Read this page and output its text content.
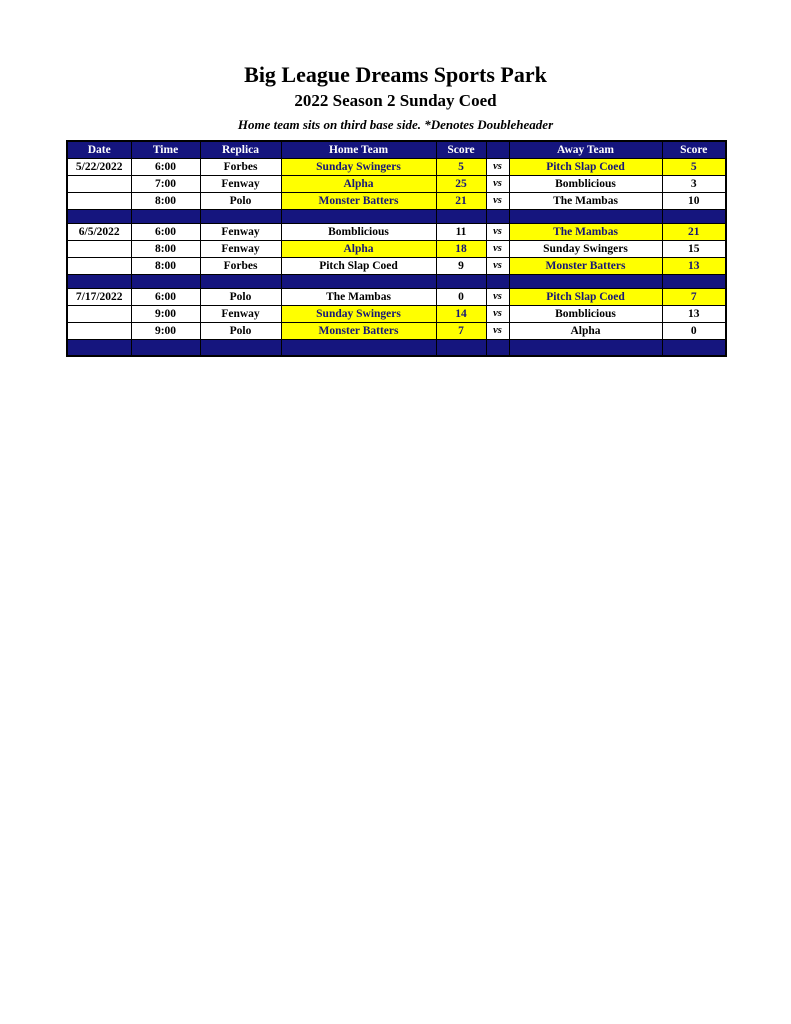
Big League Dreams Sports Park
2022 Season 2 Sunday Coed
Home team sits on third base side. *Denotes Doubleheader
Date	Time	Replica	Home Team	Score		Away Team	Score
5/22/2022	6:00	Forbes	Sunday Swingers	5	vs	Pitch Slap Coed	5
	7:00	Fenway	Alpha	25	vs	Bomblicious	3
	8:00	Polo	Monster Batters	21	vs	The Mambas	10

6/5/2022	6:00	Fenway	Bomblicious	11	vs	The Mambas	21
	8:00	Fenway	Alpha	18	vs	Sunday Swingers	15
	8:00	Forbes	Pitch Slap Coed	9	vs	Monster Batters	13

7/17/2022	6:00	Polo	The Mambas	0	vs	Pitch Slap Coed	7
	9:00	Fenway	Sunday Swingers	14	vs	Bomblicious	13
	9:00	Polo	Monster Batters	7	vs	Alpha	0
